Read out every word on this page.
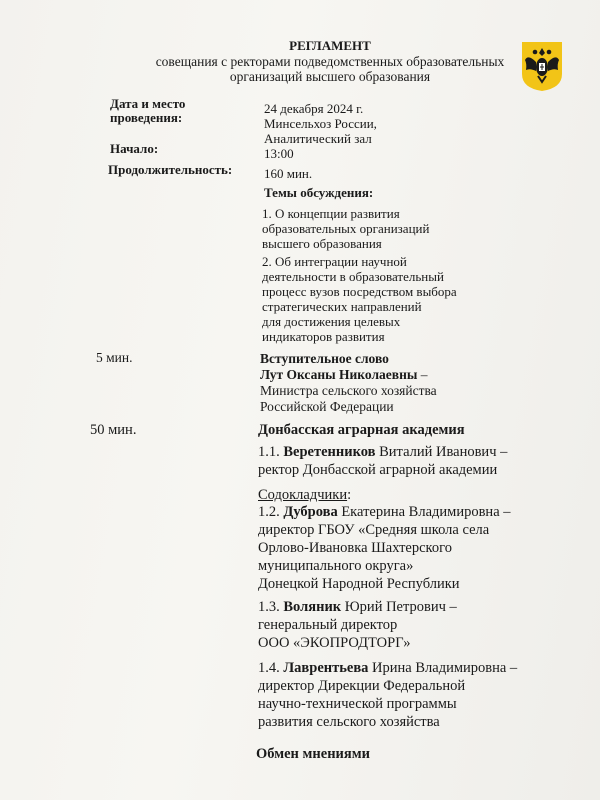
РЕГЛАМЕНТ
совещания с ректорами подведомственных образовательных
организаций высшего образования
Дата и место
проведения:
24 декабря 2024 г.
Минсельхоз России,
Аналитический зал
Начало:	13:00
Продолжительность: 160 мин.
Темы обсуждения:
1. О концепции развития
образовательных организаций
высшего образования
2. Об интеграции научной
деятельности в образовательный
процесс вузов посредством выбора
стратегических направлений
для достижения целевых
индикаторов развития
5 мин.	Вступительное слово
Лут Оксаны Николаевны –
Министра сельского хозяйства
Российской Федерации
50 мин.	Донбасская аграрная академия
1.1. Веретенников Виталий Иванович –
ректор Донбасской аграрной академии
Содокладчики:
1.2. Дуброва Екатерина Владимировна –
директор ГБОУ «Средняя школа села
Орлово-Ивановка Шахтерского
муниципального округа»
Донецкой Народной Республики
1.3. Воляник Юрий Петрович –
генеральный директор
ООО «ЭКОПРОДТОРГ»
1.4. Лаврентьева Ирина Владимировна –
директор Дирекции Федеральной
научно-технической программы
развития сельского хозяйства
Обмен мнениями
